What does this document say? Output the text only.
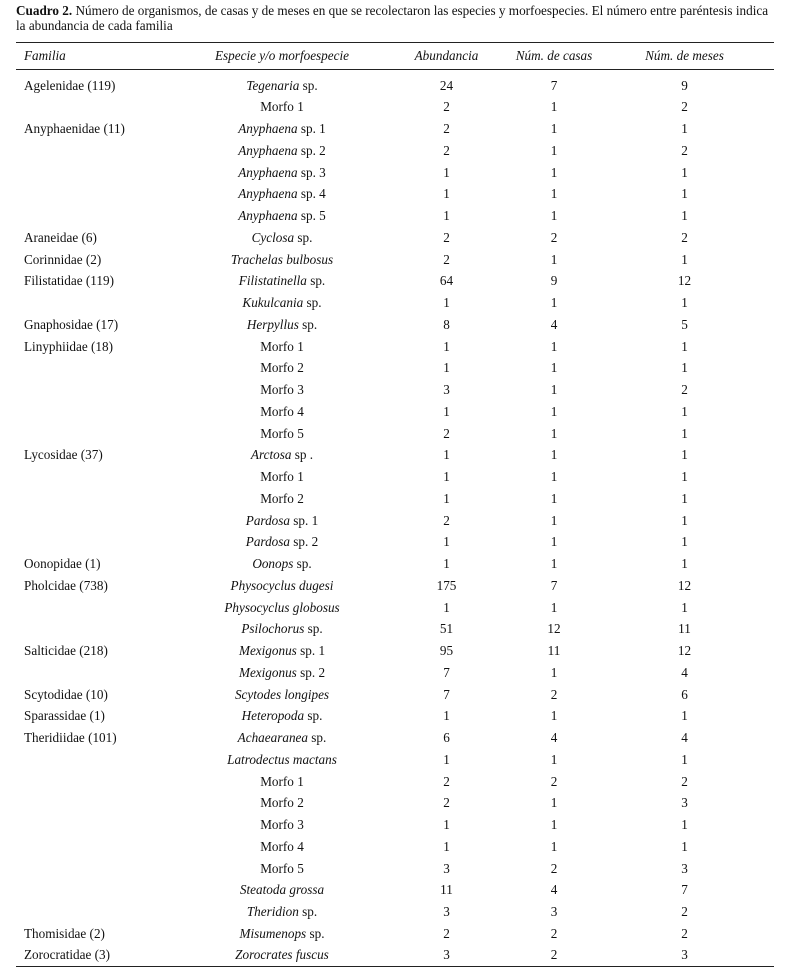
Cuadro 2. Número de organismos, de casas y de meses en que se recolectaron las especies y morfoespecies. El número entre paréntesis indica la abundancia de cada familia
Familia	Especie y/o morfoespecie	Abundancia	Núm. de casas	Núm. de meses
Agelenidae (119)	Tegenaria sp.	24	7	9
	Morfo 1	2	1	2
Anyphaenidae (11)	Anyphaena sp. 1	2	1	1
	Anyphaena sp. 2	2	1	2
	Anyphaena sp. 3	1	1	1
	Anyphaena sp. 4	1	1	1
	Anyphaena sp. 5	1	1	1
Araneidae (6)	Cyclosa sp.	2	2	2
Corinnidae (2)	Trachelas bulbosus	2	1	1
Filistatidae (119)	Filistatinella sp.	64	9	12
	Kukulcania sp.	1	1	1
Gnaphosidae (17)	Herpyllus sp.	8	4	5
Linyphiidae (18)	Morfo 1	1	1	1
	Morfo 2	1	1	1
	Morfo 3	3	1	2
	Morfo 4	1	1	1
	Morfo 5	2	1	1
Lycosidae (37)	Arctosa sp .	1	1	1
	Morfo 1	1	1	1
	Morfo 2	1	1	1
	Pardosa sp. 1	2	1	1
	Pardosa sp. 2	1	1	1
Oonopidae (1)	Oonops sp.	1	1	1
Pholcidae (738)	Physocyclus dugesi	175	7	12
	Physocyclus globosus	1	1	1
	Psilochorus sp.	51	12	11
Salticidae (218)	Mexigonus sp. 1	95	11	12
	Mexigonus sp. 2	7	1	4
Scytodidae (10)	Scytodes longipes	7	2	6
Sparassidae (1)	Heteropoda sp.	1	1	1
Theridiidae (101)	Achaearanea sp.	6	4	4
	Latrodectus mactans	1	1	1
	Morfo 1	2	2	2
	Morfo 2	2	1	3
	Morfo 3	1	1	1
	Morfo 4	1	1	1
	Morfo 5	3	2	3
	Steatoda grossa	11	4	7
	Theridion sp.	3	3	2
Thomisidae (2)	Misumenops sp.	2	2	2
Zorocratidae (3)	Zorocrates fuscus	3	2	3
